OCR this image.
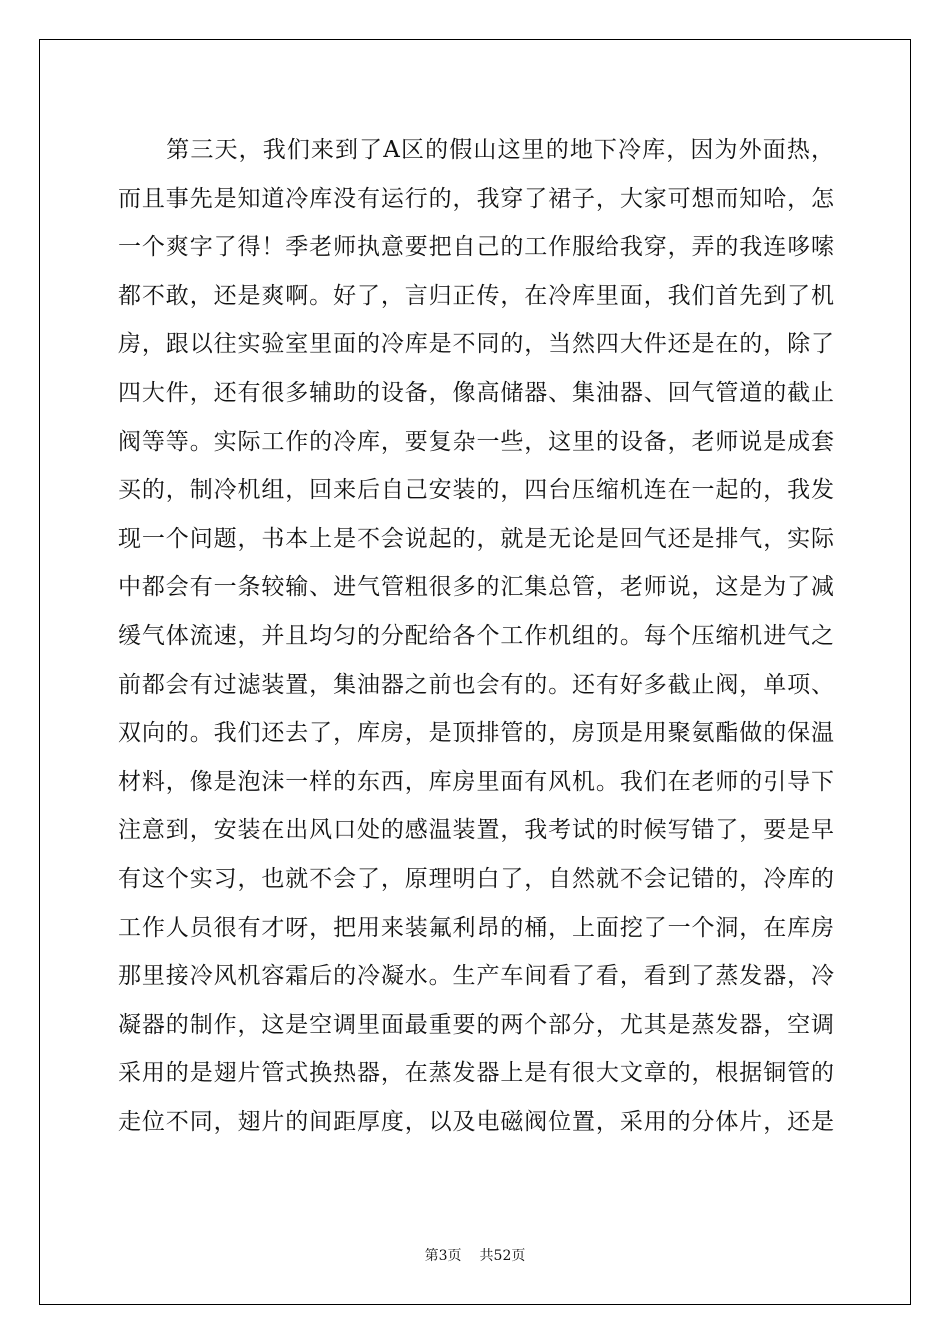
　　第三天，我们来到了A区的假山这里的地下冷库，因为外面热，
而且事先是知道冷库没有运行的，我穿了裙子，大家可想而知哈，怎
一个爽字了得！季老师执意要把自己的工作服给我穿，弄的我连哆嗦
都不敢，还是爽啊。好了，言归正传，在冷库里面，我们首先到了机
房，跟以往实验室里面的冷库是不同的，当然四大件还是在的，除了
四大件，还有很多辅助的设备，像高储器、集油器、回气管道的截止
阀等等。实际工作的冷库，要复杂一些，这里的设备，老师说是成套
买的，制冷机组，回来后自己安装的，四台压缩机连在一起的，我发
现一个问题，书本上是不会说起的，就是无论是回气还是排气，实际
中都会有一条较输、进气管粗很多的汇集总管，老师说，这是为了减
缓气体流速，并且均匀的分配给各个工作机组的。每个压缩机进气之
前都会有过滤装置，集油器之前也会有的。还有好多截止阀，单项、
双向的。我们还去了，库房，是顶排管的，房顶是用聚氨酯做的保温
材料，像是泡沫一样的东西，库房里面有风机。我们在老师的引导下
注意到，安装在出风口处的感温装置，我考试的时候写错了，要是早
有这个实习，也就不会了，原理明白了，自然就不会记错的，冷库的
工作人员很有才呀，把用来装氟利昂的桶，上面挖了一个洞，在库房
那里接冷风机容霜后的冷凝水。生产车间看了看，看到了蒸发器，冷
凝器的制作，这是空调里面最重要的两个部分，尤其是蒸发器，空调
采用的是翅片管式换热器，在蒸发器上是有很大文章的，根据铜管的
走位不同，翅片的间距厚度，以及电磁阀位置，采用的分体片，还是
第3页 共52页
